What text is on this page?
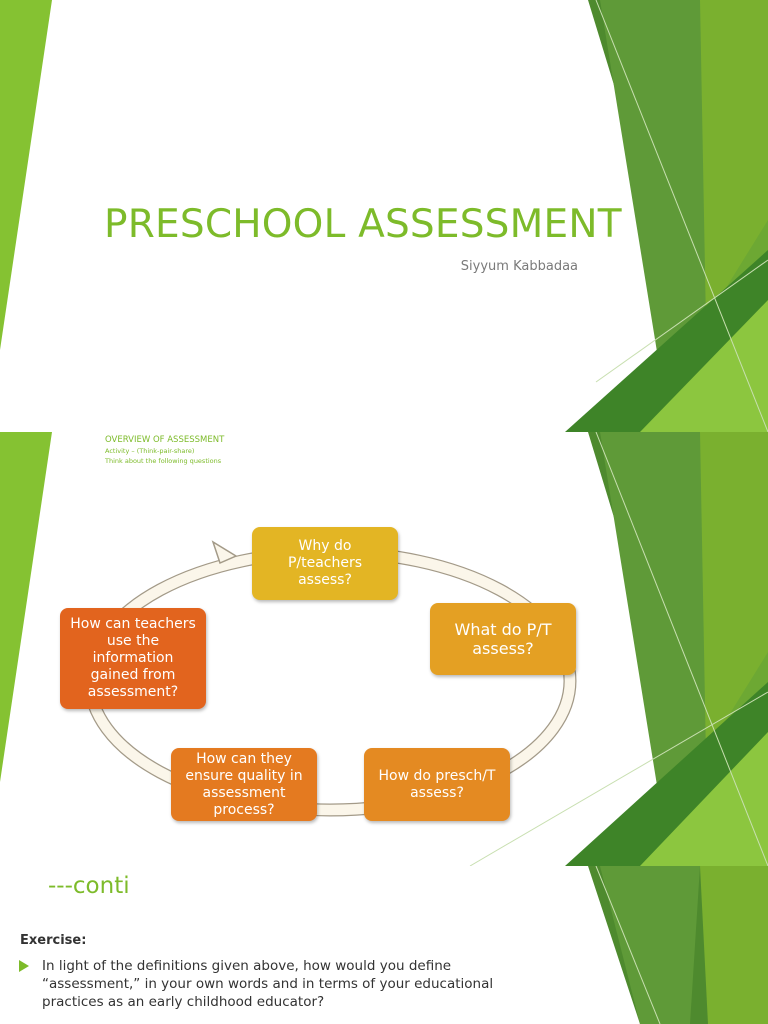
PRESCHOOL ASSESSMENT
Siyyum Kabbadaa
OVERVIEW OF ASSESSMENT
Activity – (Think-pair-share)
Think about the following questions
Why do P/teachers assess?
What do P/T assess?
How do presch/T assess?
How can they ensure quality in assessment process?
How can teachers use the information gained from assessment?
---conti
Exercise:

In light of the definitions given above, how would you define “assessment,” in your own words and in terms of your educational practices as an early childhood educator?
